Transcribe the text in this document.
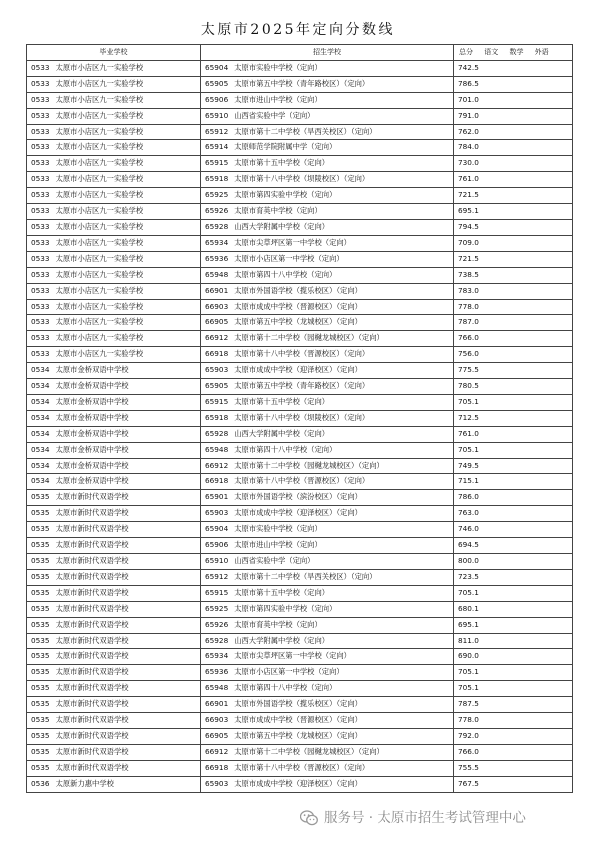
太原市2025年定向分数线
毕业学校	招生学校	总分 语文 数学 外语
0533 太原市小店区九一实验学校	65904 太原市实验中学校（定向）	742.5
0533 太原市小店区九一实验学校	65905 太原市第五中学校（青年路校区）（定向）	786.5
0533 太原市小店区九一实验学校	65906 太原市进山中学校（定向）	701.0
0533 太原市小店区九一实验学校	65910 山西省实验中学（定向）	791.0
0533 太原市小店区九一实验学校	65912 太原市第十二中学校（旱西关校区）（定向）	762.0
0533 太原市小店区九一实验学校	65914 太原师范学院附属中学（定向）	784.0
0533 太原市小店区九一实验学校	65915 太原市第十五中学校（定向）	730.0
0533 太原市小店区九一实验学校	65918 太原市第十八中学校（坝陵校区）（定向）	761.0
0533 太原市小店区九一实验学校	65925 太原市第四实验中学校（定向）	721.5
0533 太原市小店区九一实验学校	65926 太原市育英中学校（定向）	695.1
0533 太原市小店区九一实验学校	65928 山西大学附属中学校（定向）	794.5
0533 太原市小店区九一实验学校	65934 太原市尖草坪区第一中学校（定向）	709.0
0533 太原市小店区九一实验学校	65936 太原市小店区第一中学校（定向）	721.5
0533 太原市小店区九一实验学校	65948 太原市第四十八中学校（定向）	738.5
0533 太原市小店区九一实验学校	66901 太原市外国语学校（揽乐校区）（定向）	783.0
0533 太原市小店区九一实验学校	66903 太原市成成中学校（晋源校区）（定向）	778.0
0533 太原市小店区九一实验学校	66905 太原市第五中学校（龙城校区）（定向）	787.0
0533 太原市小店区九一实验学校	66912 太原市第十二中学校（园樾龙城校区）（定向）	766.0
0533 太原市小店区九一实验学校	66918 太原市第十八中学校（晋源校区）（定向）	756.0
0534 太原市金桥双语中学校	65903 太原市成成中学校（迎泽校区）（定向）	775.5
0534 太原市金桥双语中学校	65905 太原市第五中学校（青年路校区）（定向）	780.5
0534 太原市金桥双语中学校	65915 太原市第十五中学校（定向）	705.1
0534 太原市金桥双语中学校	65918 太原市第十八中学校（坝陵校区）（定向）	712.5
0534 太原市金桥双语中学校	65928 山西大学附属中学校（定向）	761.0
0534 太原市金桥双语中学校	65948 太原市第四十八中学校（定向）	705.1
0534 太原市金桥双语中学校	66912 太原市第十二中学校（园樾龙城校区）（定向）	749.5
0534 太原市金桥双语中学校	66918 太原市第十八中学校（晋源校区）（定向）	715.1
0535 太原市新时代双语学校	65901 太原市外国语学校（滨汾校区）（定向）	786.0
0535 太原市新时代双语学校	65903 太原市成成中学校（迎泽校区）（定向）	763.0
0535 太原市新时代双语学校	65904 太原市实验中学校（定向）	746.0
0535 太原市新时代双语学校	65906 太原市进山中学校（定向）	694.5
0535 太原市新时代双语学校	65910 山西省实验中学（定向）	800.0
0535 太原市新时代双语学校	65912 太原市第十二中学校（旱西关校区）（定向）	723.5
0535 太原市新时代双语学校	65915 太原市第十五中学校（定向）	705.1
0535 太原市新时代双语学校	65925 太原市第四实验中学校（定向）	680.1
0535 太原市新时代双语学校	65926 太原市育英中学校（定向）	695.1
0535 太原市新时代双语学校	65928 山西大学附属中学校（定向）	811.0
0535 太原市新时代双语学校	65934 太原市尖草坪区第一中学校（定向）	690.0
0535 太原市新时代双语学校	65936 太原市小店区第一中学校（定向）	705.1
0535 太原市新时代双语学校	65948 太原市第四十八中学校（定向）	705.1
0535 太原市新时代双语学校	66901 太原市外国语学校（揽乐校区）（定向）	787.5
0535 太原市新时代双语学校	66903 太原市成成中学校（晋源校区）（定向）	778.0
0535 太原市新时代双语学校	66905 太原市第五中学校（龙城校区）（定向）	792.0
0535 太原市新时代双语学校	66912 太原市第十二中学校（园樾龙城校区）（定向）	766.0
0535 太原市新时代双语学校	66918 太原市第十八中学校（晋源校区）（定向）	755.5
0536 太原新力惠中学校	65903 太原市成成中学校（迎泽校区）（定向）	767.5
服务号 · 太原市招生考试管理中心
